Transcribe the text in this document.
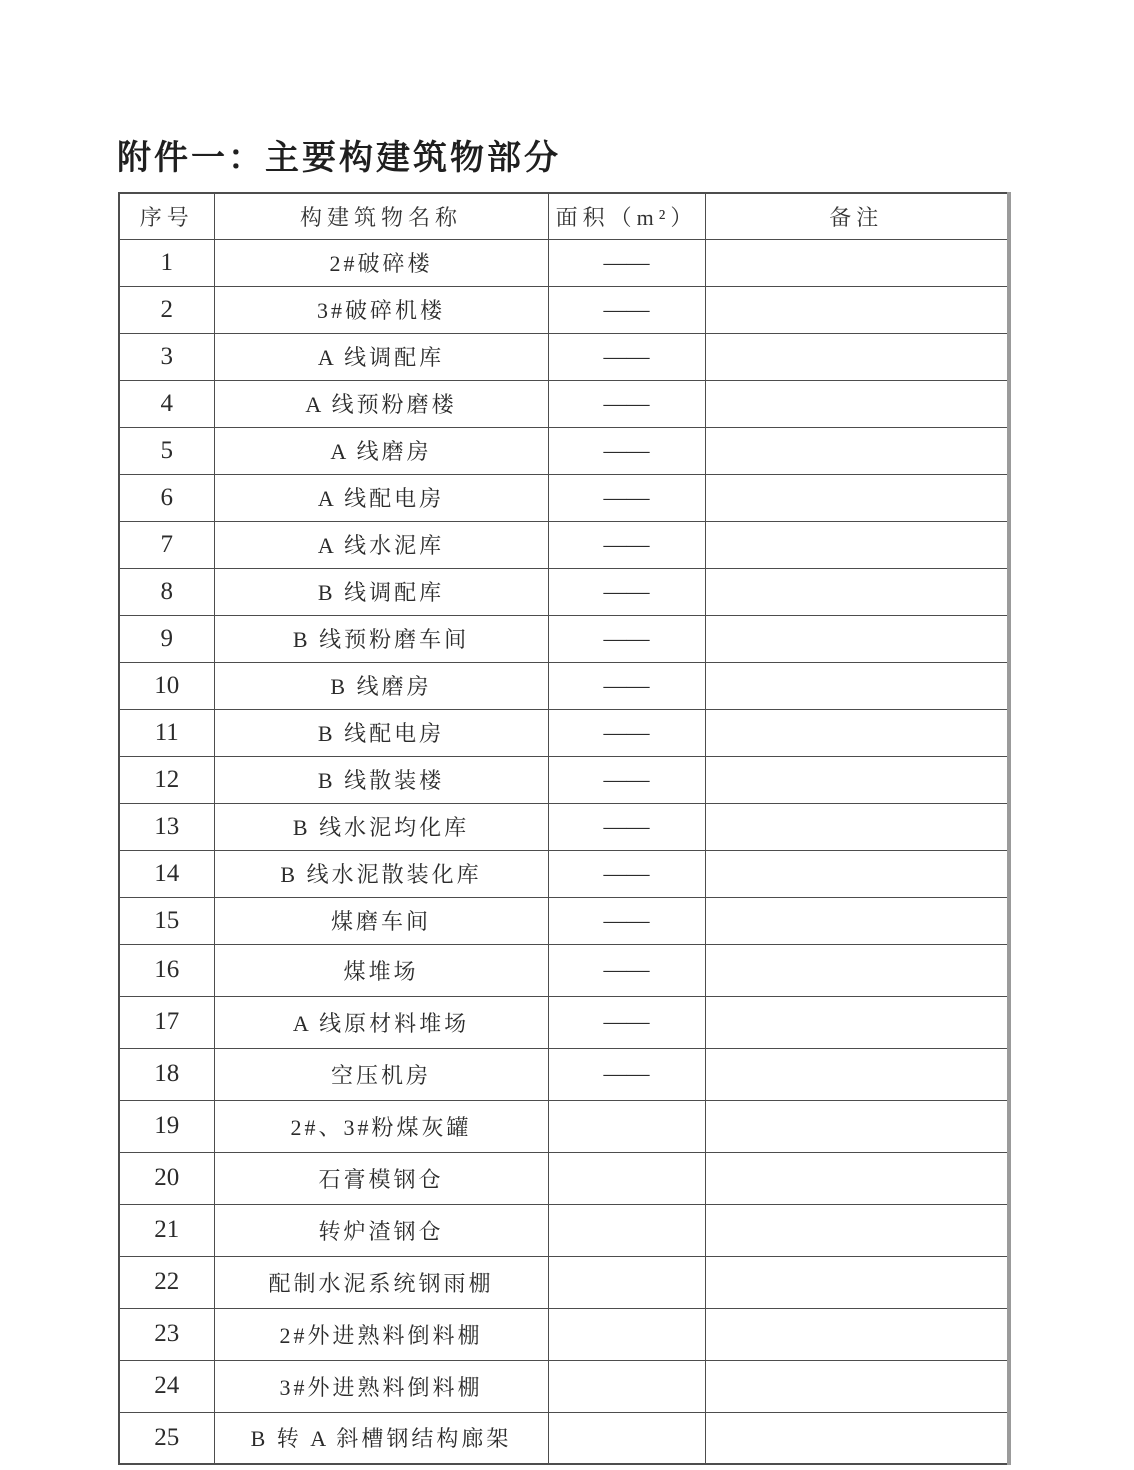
附件一：主要构建筑物部分
序号	构建筑物名称	面积（m²）	备注
1	2#破碎楼	——	
2	3#破碎机楼	——	
3	A 线调配库	——	
4	A 线预粉磨楼	——	
5	A 线磨房	——	
6	A 线配电房	——	
7	A 线水泥库	——	
8	B 线调配库	——	
9	B 线预粉磨车间	——	
10	B 线磨房	——	
11	B 线配电房	——	
12	B 线散装楼	——	
13	B 线水泥均化库	——	
14	B 线水泥散装化库	——	
15	煤磨车间	——	
16	煤堆场	——	
17	A 线原材料堆场	——	
18	空压机房	——	
19	2#、3#粉煤灰罐		
20	石膏模钢仓		
21	转炉渣钢仓		
22	配制水泥系统钢雨棚		
23	2#外进熟料倒料棚		
24	3#外进熟料倒料棚		
25	B 转 A 斜槽钢结构廊架		
